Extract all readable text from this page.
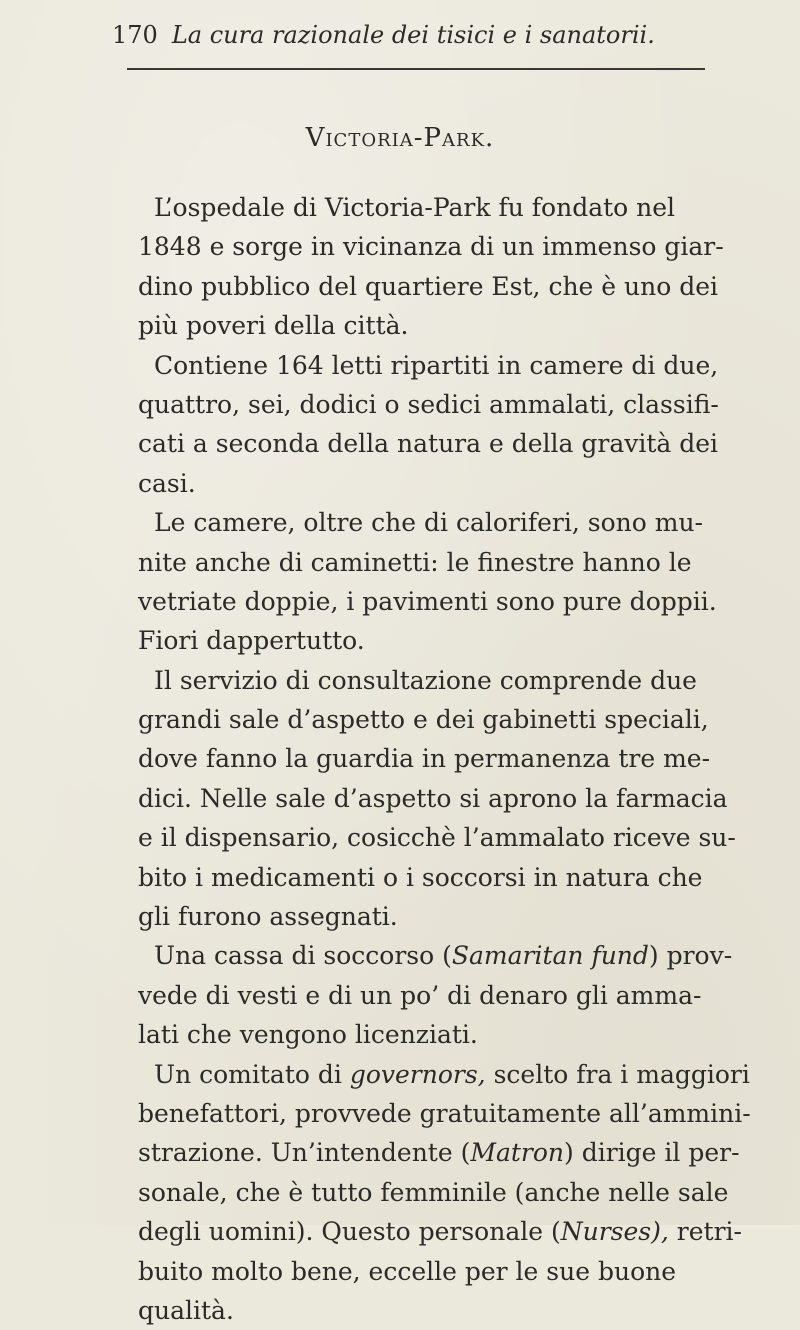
170 La cura razionale dei tisici e i sanatorii.
Victoria-Park.
L’ospedale di Victoria-Park fu fondato nel
1848 e sorge in vicinanza di un immenso giar-
dino pubblico del quartiere Est, che è uno dei
più poveri della città.
Contiene 164 letti ripartiti in camere di due,
quattro, sei, dodici o sedici ammalati, classifi-
cati a seconda della natura e della gravità dei
casi.
Le camere, oltre che di caloriferi, sono mu-
nite anche di caminetti: le finestre hanno le
vetriate doppie, i pavimenti sono pure doppii.
Fiori dappertutto.
Il servizio di consultazione comprende due
grandi sale d’aspetto e dei gabinetti speciali,
dove fanno la guardia in permanenza tre me-
dici. Nelle sale d’aspetto si aprono la farmacia
e il dispensario, cosicchè l’ammalato riceve su-
bito i medicamenti o i soccorsi in natura che
gli furono assegnati.
Una cassa di soccorso (Samaritan fund) prov-
vede di vesti e di un po’ di denaro gli amma-
lati che vengono licenziati.
Un comitato di governors, scelto fra i maggiori
benefattori, provvede gratuitamente all’ammini-
strazione. Un’intendente (Matron) dirige il per-
sonale, che è tutto femminile (anche nelle sale
degli uomini). Questo personale (Nurses), retri-
buito molto bene, eccelle per le sue buone
qualità.
